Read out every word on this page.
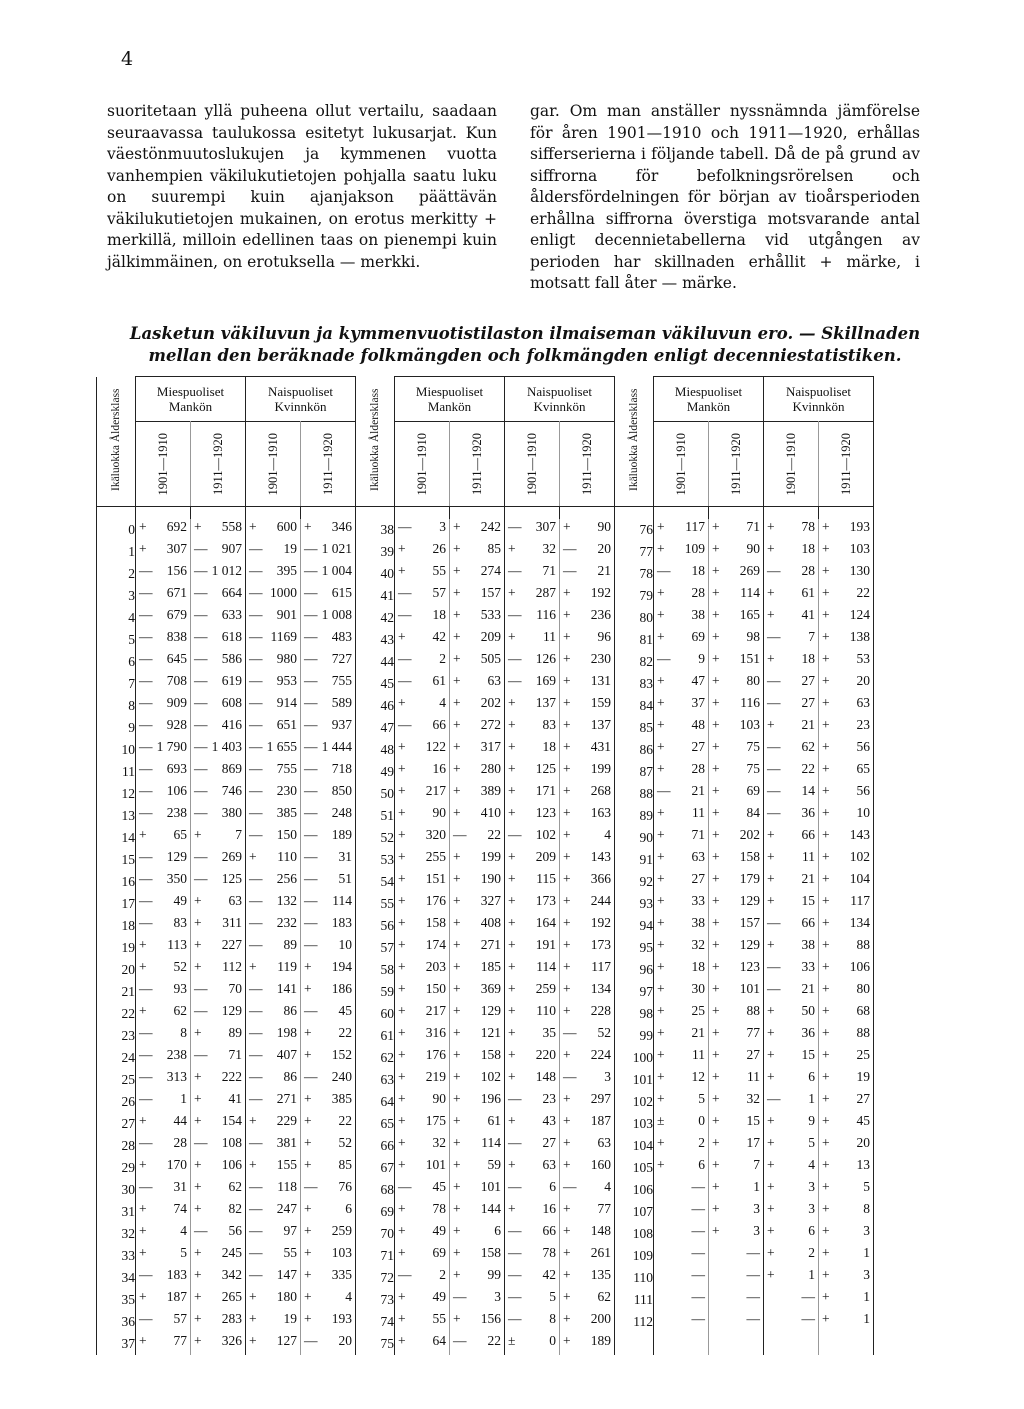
4

suoritetaan yllä puheena ollut vertailu, saadaan seuraavassa taulukossa esitetyt lukusarjat. Kun väestönmuutoslukujen ja kymmenen vuotta vanhempien väkilukutietojen pohjalla saatu luku on suurempi kuin ajanjakson päättävän väkilukutietojen mukainen, on erotus merkitty + merkillä, milloin edellinen taas on pienempi kuin jälkimmäinen, on erotuksella — merkki.

gar. Om man anställer nyssnämnda jämförelse för åren 1901—1910 och 1911—1920, erhållas sifferserierna i följande tabell. Då de på grund av siffrorna för befolkningsrörelsen och åldersfördelningen för början av tioårsperioden erhållna siffrorna överstiga motsvarande antal enligt decennietabellerna vid utgången av perioden har skillnaden erhållit + märke, i motsatt fall åter — märke.

Lasketun väkiluvun ja kymmenvuotistilaston ilmaiseman väkiluvun ero. — Skillnaden

mellan den beräknade folkmängden och folkmängden enligt decenniestatistiken.

Ikäluokka Åldersklass	Miespuoliset Mankön		Naispuoliset Kvinnkön		Ikäluokka Åldersklass	Miespuoliset Mankön		Naispuoliset Kvinnkön		Ikäluokka Åldersklass	Miespuoliset Mankön		Naispuoliset Kvinnkön	

	1901—1910	1911—1920	1901—1910	1911—1920		1901—1910	1911—1920	1901—1910	1911—1920		1901—1910	1911—1920	1901—1910	1911—1920

0	+ 692	+ 558	+ 600	+ 346	38	— 3	+ 242	— 307	+ 90	76	+ 117	+ 71	+ 78	+ 193

1	+ 307	— 907	— 19	— 1 021	39	+ 26	+ 85	+ 32	— 20	77	+ 109	+ 90	+ 18	+ 103

2	— 156	— 1 012	— 395	— 1 004	40	+ 55	+ 274	— 71	— 21	78	— 18	+ 269	— 28	+ 130

3	— 671	— 664	— 1000	— 615	41	— 57	+ 157	+ 287	+ 192	79	+ 28	+ 114	+ 61	+ 22

4	— 679	— 633	— 901	— 1 008	42	— 18	+ 533	— 116	+ 236	80	+ 38	+ 165	+ 41	+ 124

5	— 838	— 618	— 1169	— 483	43	+ 42	+ 209	+ 11	+ 96	81	+ 69	+ 98	— 7	+ 138

6	— 645	— 586	— 980	— 727	44	— 2	+ 505	— 126	+ 230	82	— 9	+ 151	+ 18	+ 53

7	— 708	— 619	— 953	— 755	45	— 61	+ 63	— 169	+ 131	83	+ 47	+ 80	— 27	+ 20

8	— 909	— 608	— 914	— 589	46	+ 4	+ 202	+ 137	+ 159	84	+ 37	+ 116	— 27	+ 63

9	— 928	— 416	— 651	— 937	47	— 66	+ 272	+ 83	+ 137	85	+ 48	+ 103	+ 21	+ 23

10	— 1 790	— 1 403	— 1 655	— 1 444	48	+ 122	+ 317	+ 18	+ 431	86	+ 27	+ 75	— 62	+ 56

11	— 693	— 869	— 755	— 718	49	+ 16	+ 280	+ 125	+ 199	87	+ 28	+ 75	— 22	+ 65

12	— 106	— 746	— 230	— 850	50	+ 217	+ 389	+ 171	+ 268	88	— 21	+ 69	— 14	+ 56

13	— 238	— 380	— 385	— 248	51	+ 90	+ 410	+ 123	+ 163	89	+ 11	+ 84	— 36	+ 10

14	+ 65	+ 7	— 150	— 189	52	+ 320	— 22	— 102	+ 4	90	+ 71	+ 202	+ 66	+ 143

15	— 129	— 269	+ 110	— 31	53	+ 255	+ 199	+ 209	+ 143	91	+ 63	+ 158	+ 11	+ 102

16	— 350	— 125	— 256	— 51	54	+ 151	+ 190	+ 115	+ 366	92	+ 27	+ 179	+ 21	+ 104

17	— 49	+ 63	— 132	— 114	55	+ 176	+ 327	+ 173	+ 244	93	+ 33	+ 129	+ 15	+ 117

18	— 83	+ 311	— 232	— 183	56	+ 158	+ 408	+ 164	+ 192	94	+ 38	+ 157	— 66	+ 134

19	+ 113	+ 227	— 89	— 10	57	+ 174	+ 271	+ 191	+ 173	95	+ 32	+ 129	+ 38	+ 88

20	+ 52	+ 112	+ 119	+ 194	58	+ 203	+ 185	+ 114	+ 117	96	+ 18	+ 123	— 33	+ 106

21	— 93	— 70	— 141	+ 186	59	+ 150	+ 369	+ 259	+ 134	97	+ 30	+ 101	— 21	+ 80

22	+ 62	— 129	— 86	— 45	60	+ 217	+ 129	+ 110	+ 228	98	+ 25	+ 88	+ 50	+ 68

23	— 8	+ 89	— 198	+ 22	61	+ 316	+ 121	+ 35	— 52	99	+ 21	+ 77	+ 36	+ 88

24	— 238	— 71	— 407	+ 152	62	+ 176	+ 158	+ 220	+ 224	100	+ 11	+ 27	+ 15	+ 25

25	— 313	+ 222	— 86	— 240	63	+ 219	+ 102	+ 148	— 3	101	+ 12	+ 11	+ 6	+ 19

26	— 1	+ 41	— 271	+ 385	64	+ 90	+ 196	— 23	+ 297	102	+ 5	+ 32	— 1	+ 27

27	+ 44	+ 154	+ 229	+ 22	65	+ 175	+ 61	+ 43	+ 187	103	± 0	+ 15	+ 9	+ 45

28	— 28	— 108	— 381	+ 52	66	+ 32	+ 114	— 27	+ 63	104	+ 2	+ 17	+ 5	+ 20

29	+ 170	+ 106	+ 155	+ 85	67	+ 101	+ 59	+ 63	+ 160	105	+ 6	+ 7	+ 4	+ 13

30	— 31	+ 62	— 118	— 76	68	— 45	+ 101	— 6	— 4	106	—	+ 1	+ 3	+ 5

31	+ 74	+ 82	— 247	+ 6	69	+ 78	+ 144	+ 16	+ 77	107	—	+ 3	+ 3	+ 8

32	+ 4	— 56	— 97	+ 259	70	+ 49	+ 6	— 66	+ 148	108	—	+ 3	+ 6	+ 3

33	+ 5	+ 245	— 55	+ 103	71	+ 69	+ 158	— 78	+ 261	109	—	—	+ 2	+ 1

34	— 183	+ 342	— 147	+ 335	72	— 2	+ 99	— 42	+ 135	110	—	—	+ 1	+ 3

35	+ 187	+ 265	+ 180	+ 4	73	+ 49	— 3	— 5	+ 62	111	—	—	—	+ 1

36	— 57	+ 283	+ 19	+ 193	74	+ 55	+ 156	— 8	+ 200	112	—	—	—	+ 1

37	+ 77	+ 326	+ 127	— 20	75	+ 64	— 22	± 0	+ 189					
